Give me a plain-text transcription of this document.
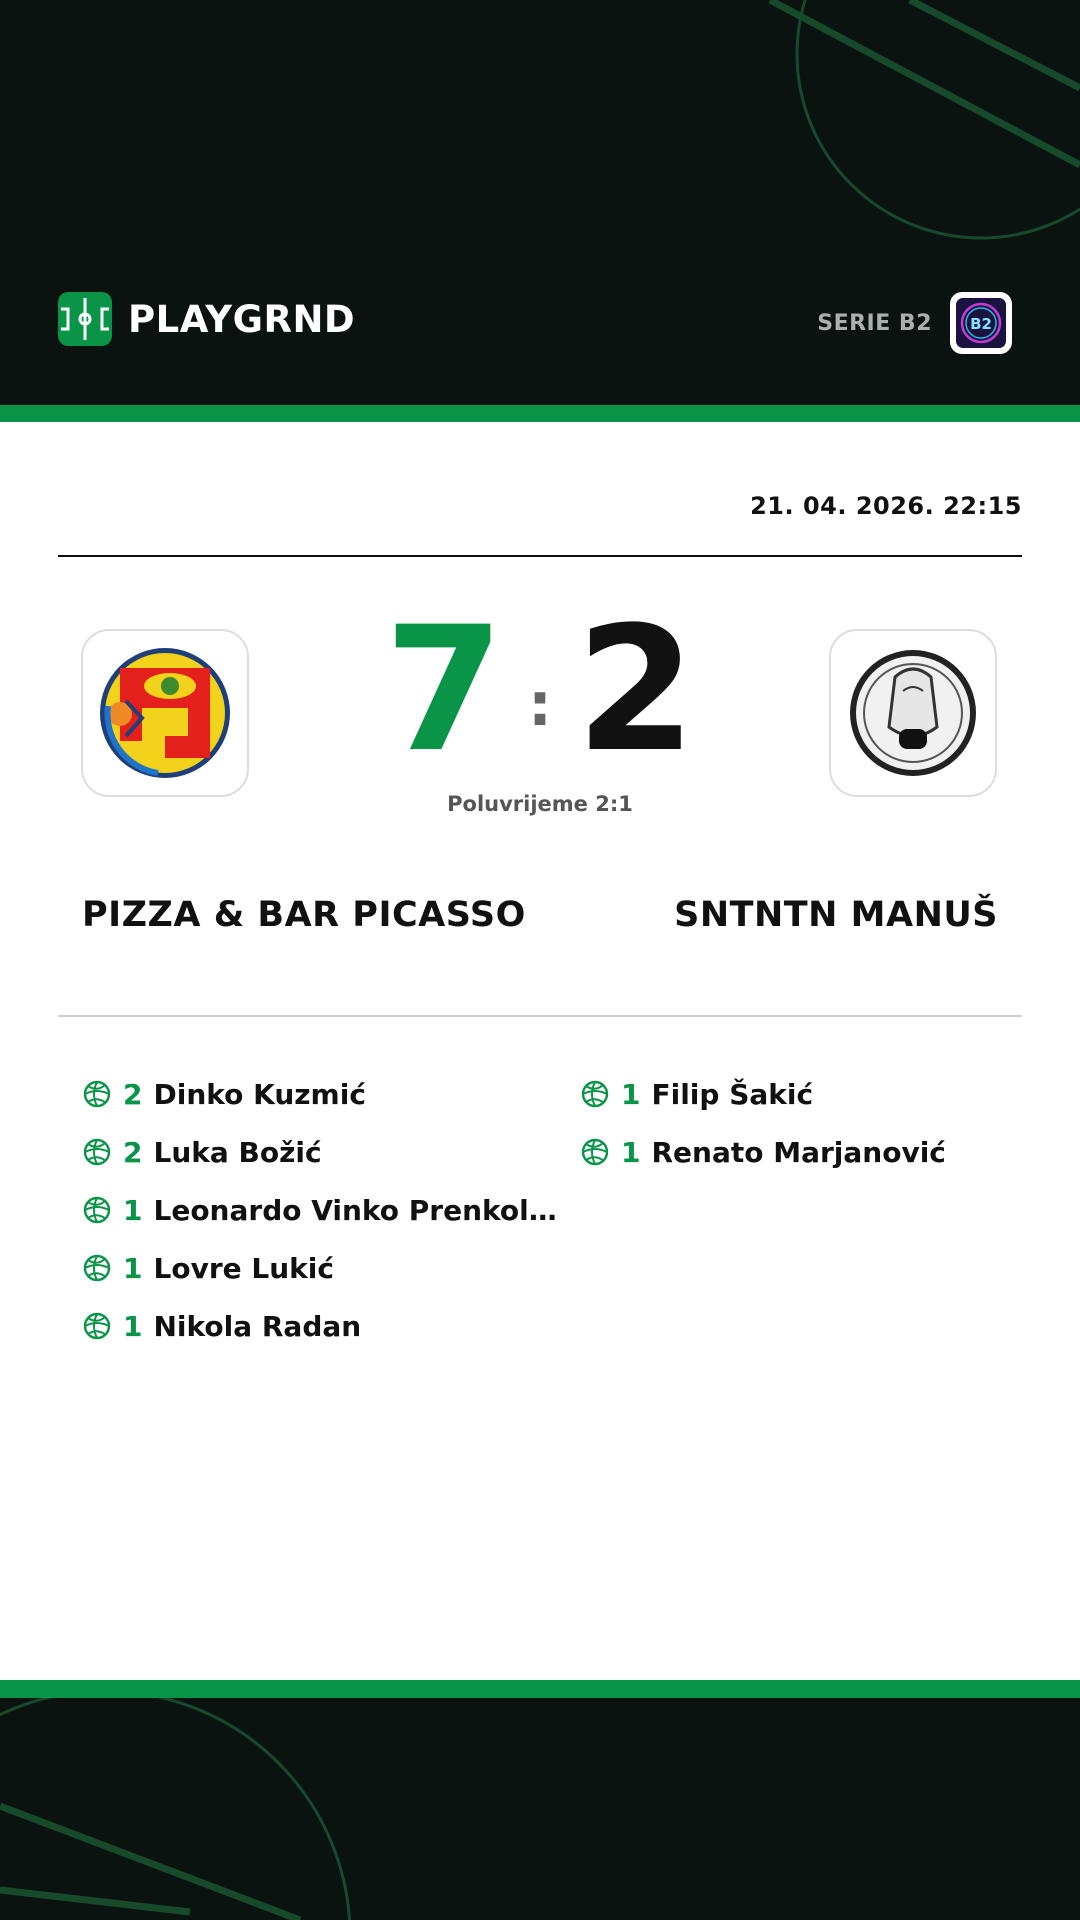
PLAYGRND	SERIE B2	B2
21. 04. 2026. 22:15
7 : 2
Poluvrijeme 2:1
PIZZA & BAR PICASSO	SNTNTN MANUŠ
2 Dinko Kuzmić
2 Luka Božić
1 Leonardo Vinko Prenkol…
1 Lovre Lukić
1 Nikola Radan
1 Filip Šakić
1 Renato Marjanović
